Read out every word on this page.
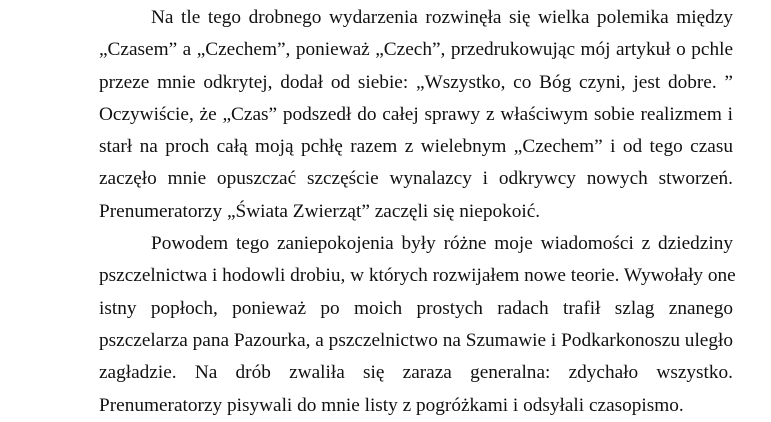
Na tle tego drobnego wydarzenia rozwinęła się wielka polemika między
„Czasem” a „Czechem”, ponieważ „Czech”, przedrukowując mój artykuł o pchle
przeze mnie odkrytej, dodał od siebie: „Wszystko, co Bóg czyni, jest dobre. ”
Oczywiście, że „Czas” podszedł do całej sprawy z właściwym sobie realizmem i
starł na proch całą moją pchłę razem z wielebnym „Czechem” i od tego czasu
zaczęło mnie opuszczać szczęście wynalazcy i odkrywcy nowych stworzeń.
Prenumeratorzy „Świata Zwierząt” zaczęli się niepokoić.
Powodem tego zaniepokojenia były różne moje wiadomości z dziedziny
pszczelnictwa i hodowli drobiu, w których rozwijałem nowe teorie. Wywołały one
istny popłoch, ponieważ po moich prostych radach trafił szlag znanego
pszczelarza pana Pazourka, a pszczelnictwo na Szumawie i Podkarkonoszu uległo
zagładzie. Na drób zwaliła się zaraza generalna: zdychało wszystko.
Prenumeratorzy pisywali do mnie listy z pogróżkami i odsyłali czasopismo.
